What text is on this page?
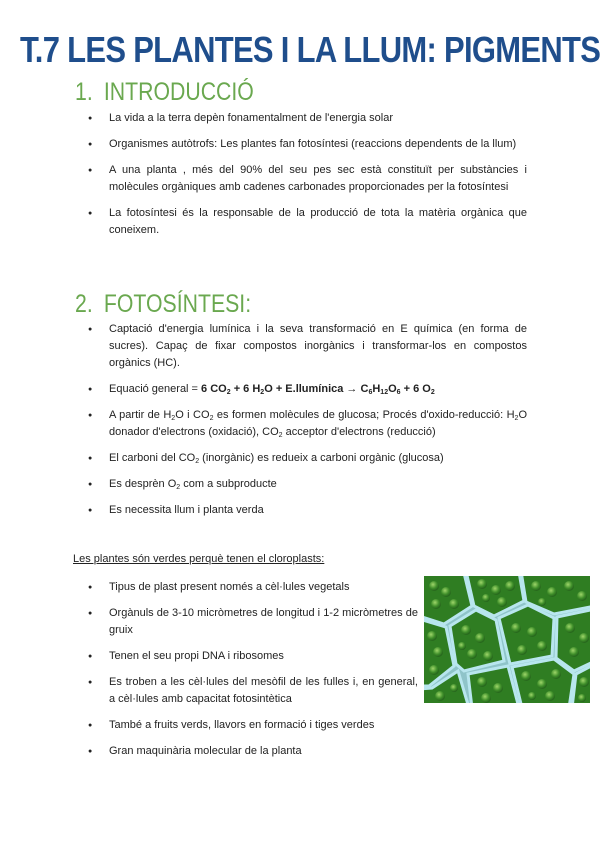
T.7 LES PLANTES I LA LLUM: PIGMENTS
1. INTRODUCCIÓ
● La vida a la terra depèn fonamentalment de l'energia solar
● Organismes autòtrofs: Les plantes fan fotosíntesi (reaccions dependents de la llum)
● A una planta , més del 90% del seu pes sec està constituït per substàncies i molècules orgàniques amb cadenes carbonades proporcionades per la fotosíntesi
● La fotosíntesi és la responsable de la producció de tota la matèria orgànica que coneixem.
2. FOTOSÍNTESI:
● Captació d'energia lumínica i la seva transformació en E química (en forma de sucres). Capaç de fixar compostos inorgànics i transformar-los en compostos orgànics (HC).
● Equació general = 6 $CO_2 + 6$ $H_2O$ + E.llumínica → $C_6H_{12}O_6 + 6$ $O_2$
● A partir de $H_2O$ i $CO_2$ es formen molècules de glucosa; Procés d'oxido-reducció: $H_2O$ donador d'electrons (oxidació), $CO_2$ acceptor d'electrons (reducció)
● El carboni del $CO_2$ (inorgànic) es redueix a carboni orgànic (glucosa)
● Es desprèn $O_2$ com a subproducte
● Es necessita llum i planta verda

Les plantes són verdes perquè tenen el cloroplasts:

● Tipus de plast present només a cèl·lules vegetals
● Orgànuls de 3-10 micròmetres de longitud i 1-2 micròmetres de gruix
● Tenen el seu propi DNA i ribosomes
● Es troben a les cèl·lules del mesòfil de les fulles i, en general, a cèl·lules amb capacitat fotosintètica
● També a fruits verds, llavors en formació i tiges verdes
● Gran maquinària molecular de la planta
